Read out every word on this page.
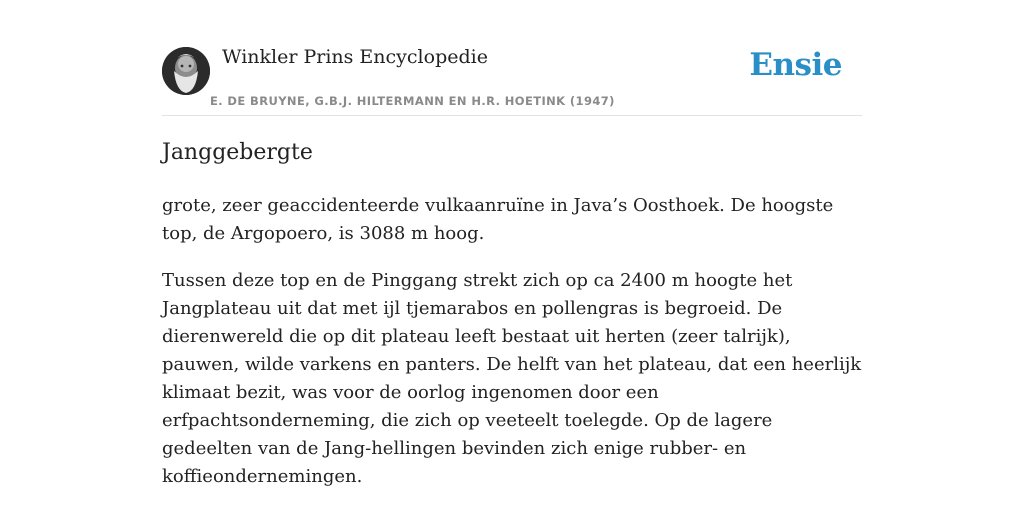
Winkler Prins Encyclopedie
E. DE BRUYNE, G.B.J. HILTERMANN EN H.R. HOETINK (1947)
Ensie
Janggebergte

grote, zeer geaccidenteerde vulkaanruïne in Java’s Oosthoek. De hoogste top, de Argopoero, is 3088 m hoog.

Tussen deze top en de Pinggang strekt zich op ca 2400 m hoogte het Jangplateau uit dat met ijl tjemarabos en pollengras is begroeid. De dierenwereld die op dit plateau leeft bestaat uit herten (zeer talrijk), pauwen, wilde varkens en panters. De helft van het plateau, dat een heerlijk klimaat bezit, was voor de oorlog ingenomen door een erfpachtsonderneming, die zich op veeteelt toelegde. Op de lagere gedeelten van de Jang-hellingen bevinden zich enige rubber- en koffieondernemingen.
